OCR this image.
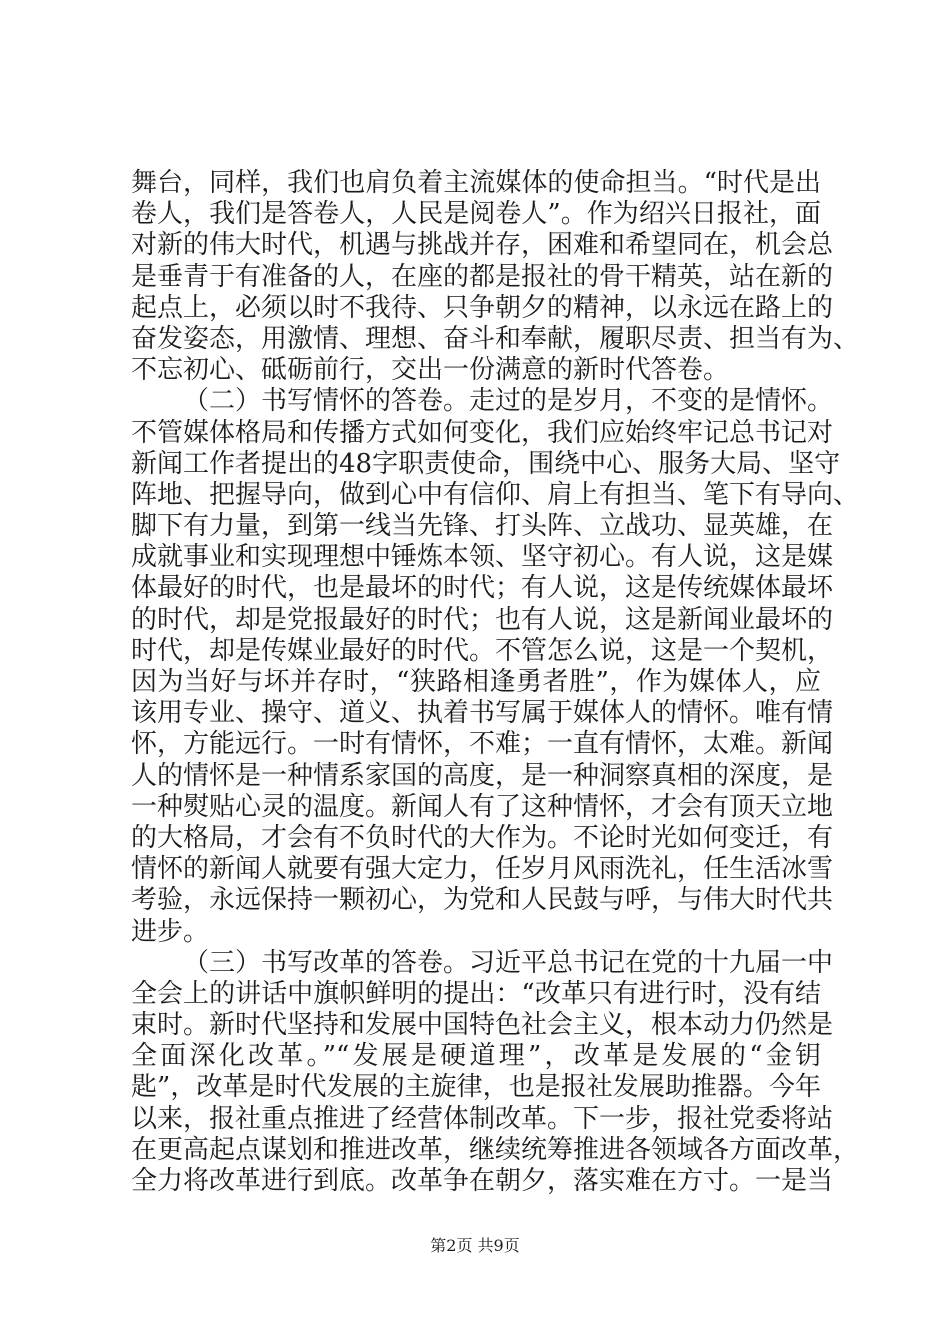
舞台，同样，我们也肩负着主流媒体的使命担当。“时代是出
卷人，我们是答卷人，人民是阅卷人”。作为绍兴日报社，面
对新的伟大时代，机遇与挑战并存，困难和希望同在，机会总
是垂青于有准备的人，在座的都是报社的骨干精英，站在新的
起点上，必须以时不我待、只争朝夕的精神，以永远在路上的
奋发姿态，用激情、理想、奋斗和奉献，履职尽责、担当有为、
不忘初心、砥砺前行，交出一份满意的新时代答卷。
（二）书写情怀的答卷。走过的是岁月，不变的是情怀。
不管媒体格局和传播方式如何变化，我们应始终牢记总书记对
新闻工作者提出的48字职责使命，围绕中心、服务大局、坚守
阵地、把握导向，做到心中有信仰、肩上有担当、笔下有导向、
脚下有力量，到第一线当先锋、打头阵、立战功、显英雄，在
成就事业和实现理想中锤炼本领、坚守初心。有人说，这是媒
体最好的时代，也是最坏的时代；有人说，这是传统媒体最坏
的时代，却是党报最好的时代；也有人说，这是新闻业最坏的
时代，却是传媒业最好的时代。不管怎么说，这是一个契机，
因为当好与坏并存时，“狭路相逢勇者胜”，作为媒体人，应
该用专业、操守、道义、执着书写属于媒体人的情怀。唯有情
怀，方能远行。一时有情怀，不难；一直有情怀，太难。新闻
人的情怀是一种情系家国的高度，是一种洞察真相的深度，是
一种熨贴心灵的温度。新闻人有了这种情怀，才会有顶天立地
的大格局，才会有不负时代的大作为。不论时光如何变迁，有
情怀的新闻人就要有强大定力，任岁月风雨洗礼，任生活冰雪
考验，永远保持一颗初心，为党和人民鼓与呼，与伟大时代共
进步。
（三）书写改革的答卷。习近平总书记在党的十九届一中
全会上的讲话中旗帜鲜明的提出：“改革只有进行时，没有结
束时。新时代坚持和发展中国特色社会主义，根本动力仍然是
全面深化改革。”“发展是硬道理”，改革是发展的“金钥
匙”，改革是时代发展的主旋律，也是报社发展助推器。今年
以来，报社重点推进了经营体制改革。下一步，报社党委将站
在更高起点谋划和推进改革，继续统筹推进各领域各方面改革，
全力将改革进行到底。改革争在朝夕，落实难在方寸。一是当
第2页 共9页
